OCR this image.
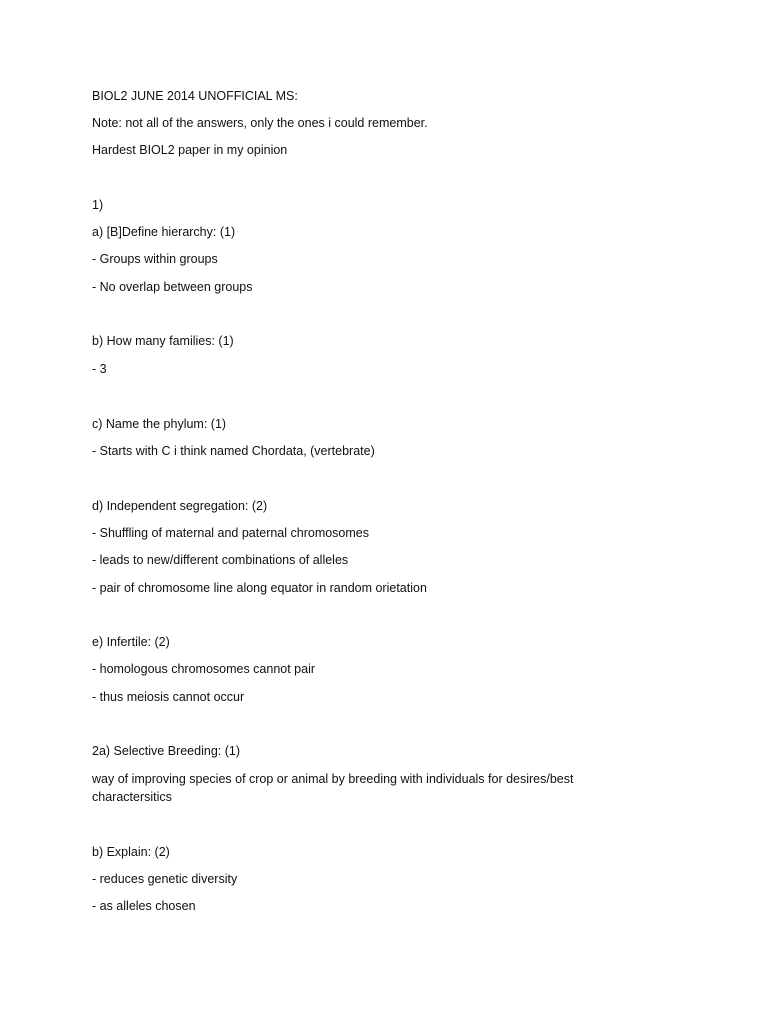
BIOL2 JUNE 2014 UNOFFICIAL MS:
Note: not all of the answers, only the ones i could remember.
Hardest BIOL2 paper in my opinion
1)
a) [B]Define hierarchy: (1)
- Groups within groups
- No overlap between groups
b) How many families: (1)
- 3
c) Name the phylum: (1)
- Starts with C i think named Chordata, (vertebrate)
d) Independent segregation: (2)
- Shuffling of maternal and paternal chromosomes
- leads to new/different combinations of alleles
- pair of chromosome line along equator in random orietation
e) Infertile: (2)
- homologous chromosomes cannot pair
- thus meiosis cannot occur
2a) Selective Breeding: (1)
way of improving species of crop or animal by breeding with individuals for desires/best charactersitics
b) Explain: (2)
- reduces genetic diversity
- as alleles chosen
